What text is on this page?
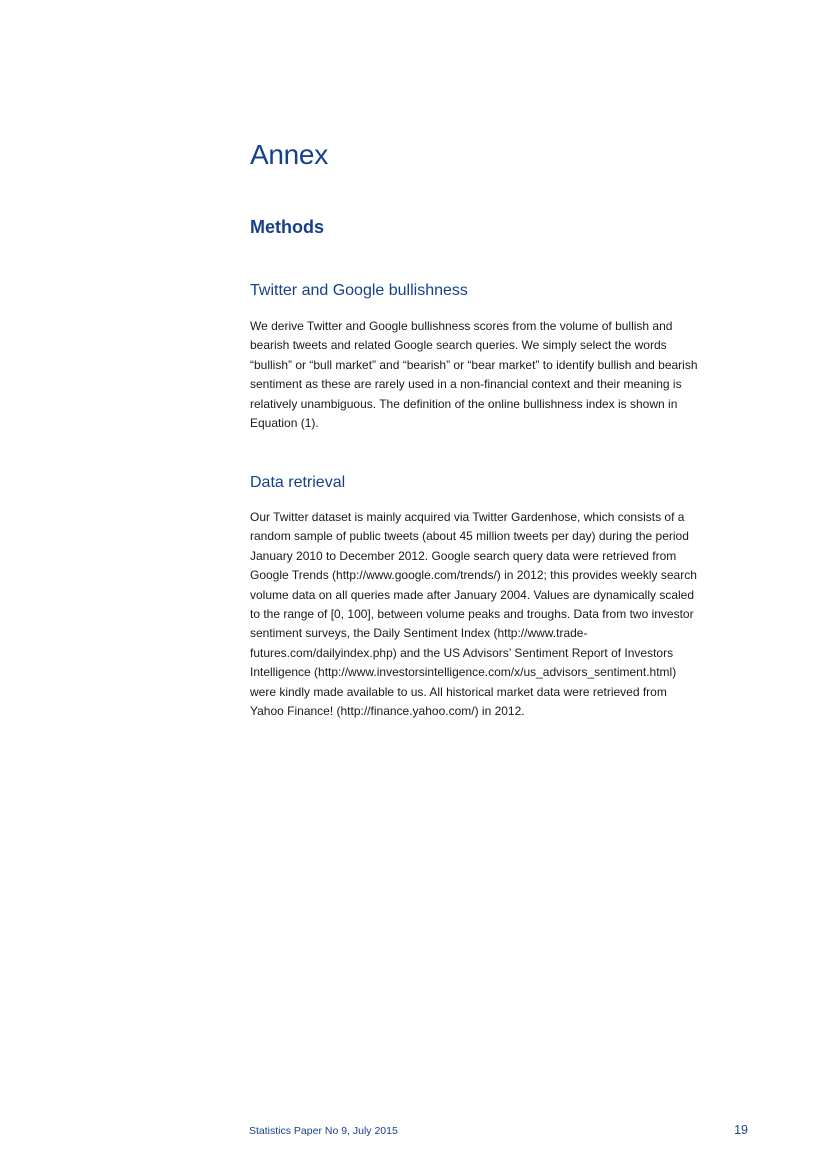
Annex
Methods
Twitter and Google bullishness
We derive Twitter and Google bullishness scores from the volume of bullish and
bearish tweets and related Google search queries. We simply select the words
“bullish” or “bull market” and “bearish” or “bear market” to identify bullish and bearish
sentiment as these are rarely used in a non-financial context and their meaning is
relatively unambiguous. The definition of the online bullishness index is shown in
Equation (1).
Data retrieval
Our Twitter dataset is mainly acquired via Twitter Gardenhose, which consists of a
random sample of public tweets (about 45 million tweets per day) during the period
January 2010 to December 2012. Google search query data were retrieved from
Google Trends (http://www.google.com/trends/) in 2012; this provides weekly search
volume data on all queries made after January 2004. Values are dynamically scaled
to the range of [0, 100], between volume peaks and troughs. Data from two investor
sentiment surveys, the Daily Sentiment Index (http://www.trade-
futures.com/dailyindex.php) and the US Advisors’ Sentiment Report of Investors
Intelligence (http://www.investorsintelligence.com/x/us_advisors_sentiment.html)
were kindly made available to us. All historical market data were retrieved from
Yahoo Finance! (http://finance.yahoo.com/) in 2012.
Statistics Paper No 9, July 2015	19
